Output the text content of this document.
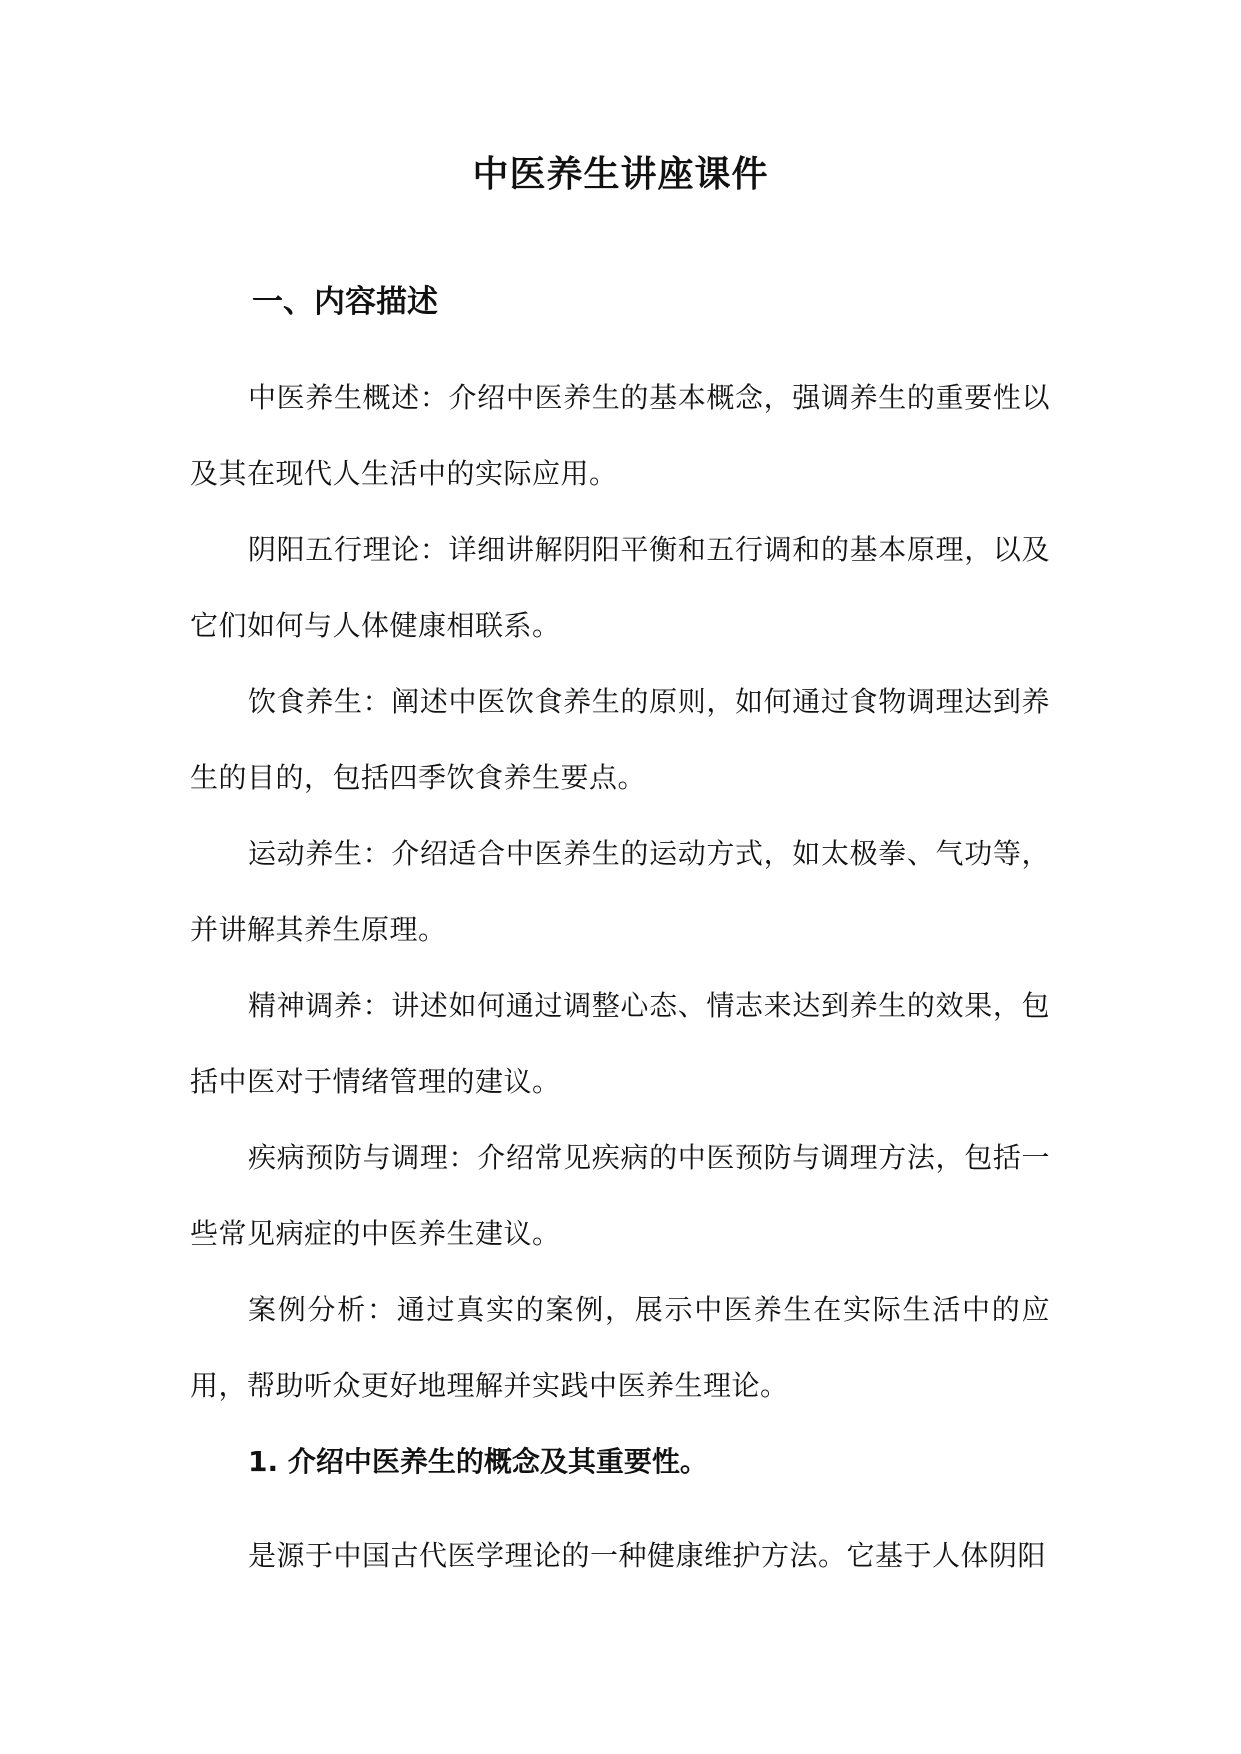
中医养生讲座课件
一、内容描述

中医养生概述：介绍中医养生的基本概念，强调养生的重要性以及其在现代人生活中的实际应用。

阴阳五行理论：详细讲解阴阳平衡和五行调和的基本原理，以及它们如何与人体健康相联系。

饮食养生：阐述中医饮食养生的原则，如何通过食物调理达到养生的目的，包括四季饮食养生要点。

运动养生：介绍适合中医养生的运动方式，如太极拳、气功等，并讲解其养生原理。

精神调养：讲述如何通过调整心态、情志来达到养生的效果，包括中医对于情绪管理的建议。

疾病预防与调理：介绍常见疾病的中医预防与调理方法，包括一些常见病症的中医养生建议。

案例分析：通过真实的案例，展示中医养生在实际生活中的应用，帮助听众更好地理解并实践中医养生理论。

1. 介绍中医养生的概念及其重要性。

是源于中国古代医学理论的一种健康维护方法。它基于人体阴阳
